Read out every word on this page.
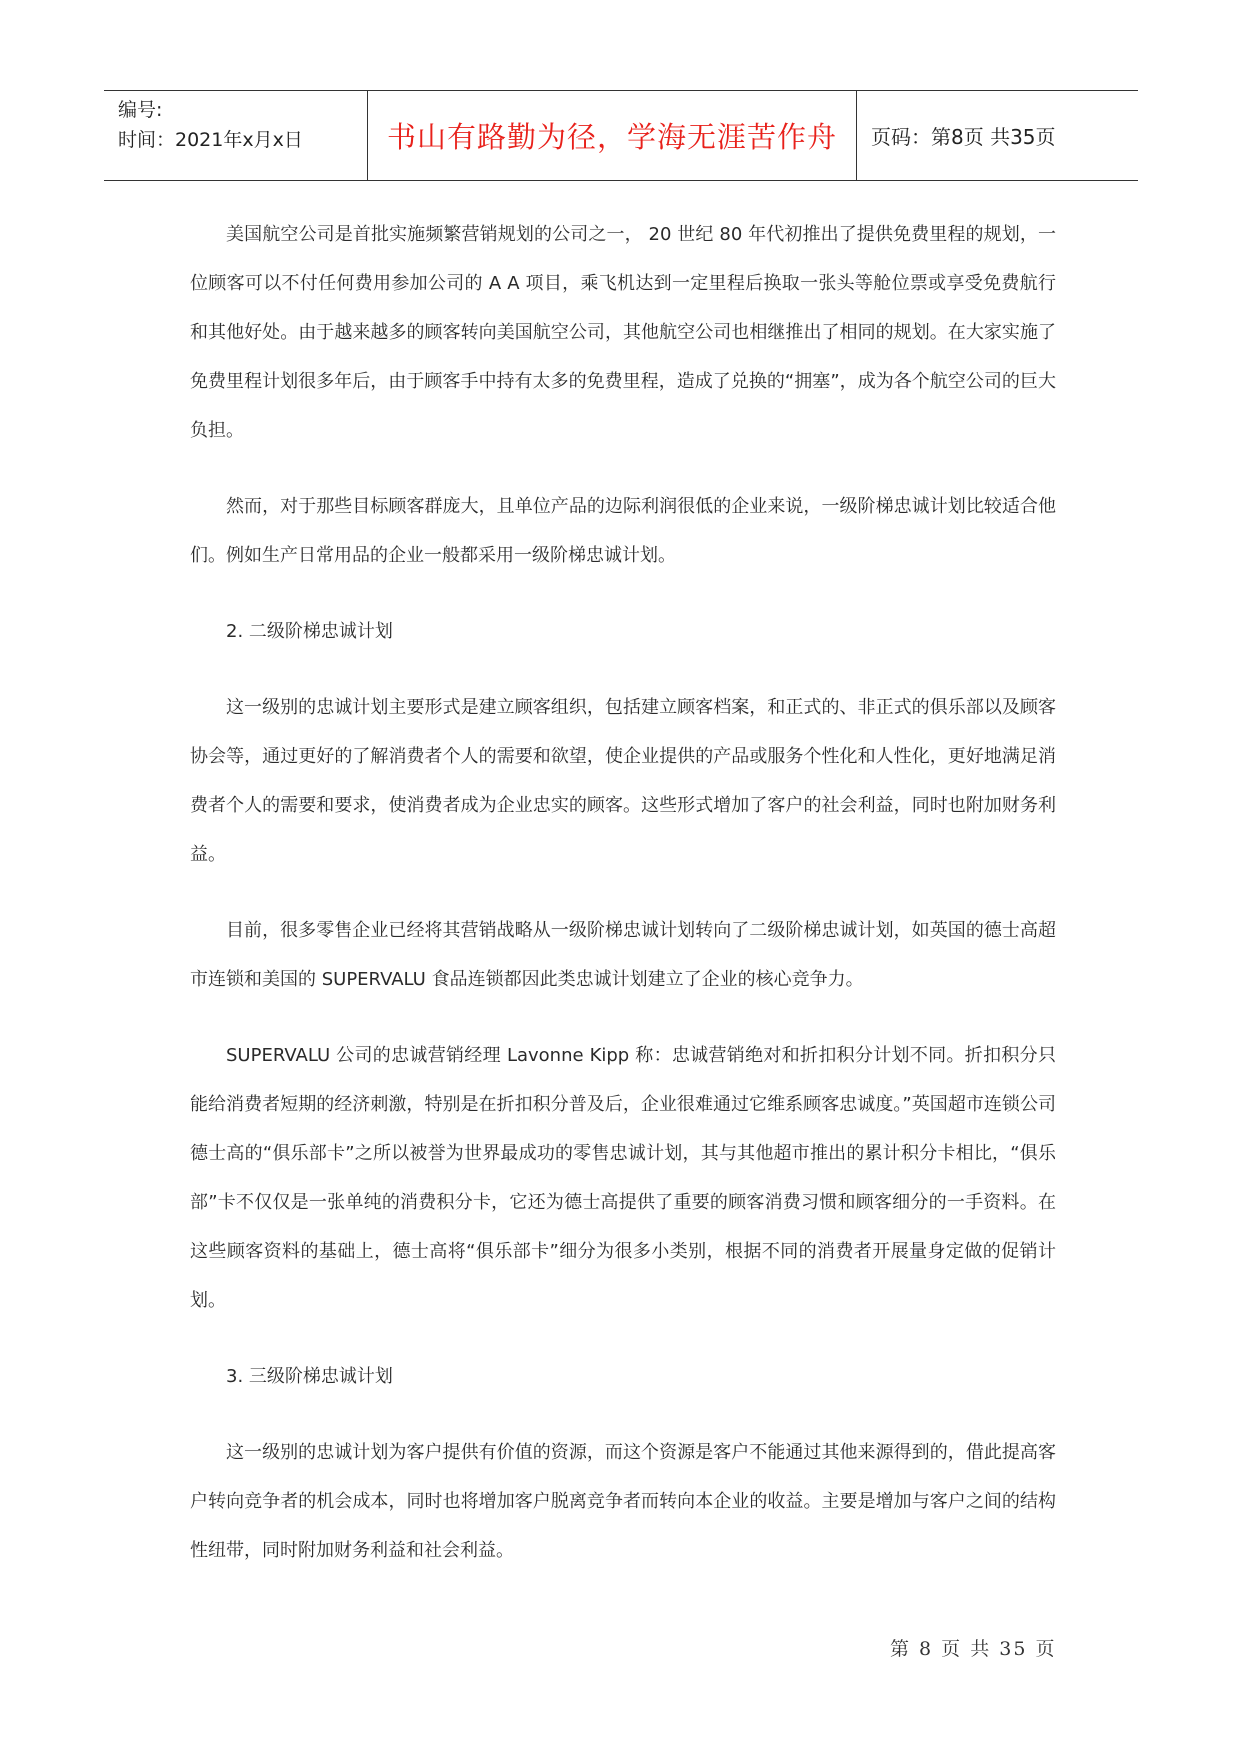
编号:
时间：2021年x月x日	书山有路勤为径，学海无涯苦作舟 页码：第8页 共35页

美国航空公司是首批实施频繁营销规划的公司之一， 20 世纪 80 年代初推出了提供免费里程的规划，一位顾客可以不付任何费用参加公司的 A A 项目，乘飞机达到一定里程后换取一张头等舱位票或享受免费航行和其他好处。由于越来越多的顾客转向美国航空公司，其他航空公司也相继推出了相同的规划。在大家实施了免费里程计划很多年后，由于顾客手中持有太多的免费里程，造成了兑换的“拥塞”，成为各个航空公司的巨大负担。

然而，对于那些目标顾客群庞大，且单位产品的边际利润很低的企业来说，一级阶梯忠诚计划比较适合他们。例如生产日常用品的企业一般都采用一级阶梯忠诚计划。

2. 二级阶梯忠诚计划

这一级别的忠诚计划主要形式是建立顾客组织，包括建立顾客档案，和正式的、非正式的俱乐部以及顾客协会等，通过更好的了解消费者个人的需要和欲望，使企业提供的产品或服务个性化和人性化，更好地满足消费者个人的需要和要求，使消费者成为企业忠实的顾客。这些形式增加了客户的社会利益，同时也附加财务利益。

目前，很多零售企业已经将其营销战略从一级阶梯忠诚计划转向了二级阶梯忠诚计划，如英国的德士高超市连锁和美国的 SUPERVALU 食品连锁都因此类忠诚计划建立了企业的核心竞争力。

SUPERVALU 公司的忠诚营销经理 Lavonne Kipp 称：忠诚营销绝对和折扣积分计划不同。折扣积分只能给消费者短期的经济刺激，特别是在折扣积分普及后，企业很难通过它维系顾客忠诚度。”英国超市连锁公司德士高的“俱乐部卡”之所以被誉为世界最成功的零售忠诚计划，其与其他超市推出的累计积分卡相比，“俱乐部”卡不仅仅是一张单纯的消费积分卡，它还为德士高提供了重要的顾客消费习惯和顾客细分的一手资料。在这些顾客资料的基础上，德士高将“俱乐部卡”细分为很多小类别，根据不同的消费者开展量身定做的促销计划。

3. 三级阶梯忠诚计划

这一级别的忠诚计划为客户提供有价值的资源，而这个资源是客户不能通过其他来源得到的，借此提高客户转向竞争者的机会成本，同时也将增加客户脱离竞争者而转向本企业的收益。主要是增加与客户之间的结构性纽带，同时附加财务利益和社会利益。

第 8 页 共 35 页
